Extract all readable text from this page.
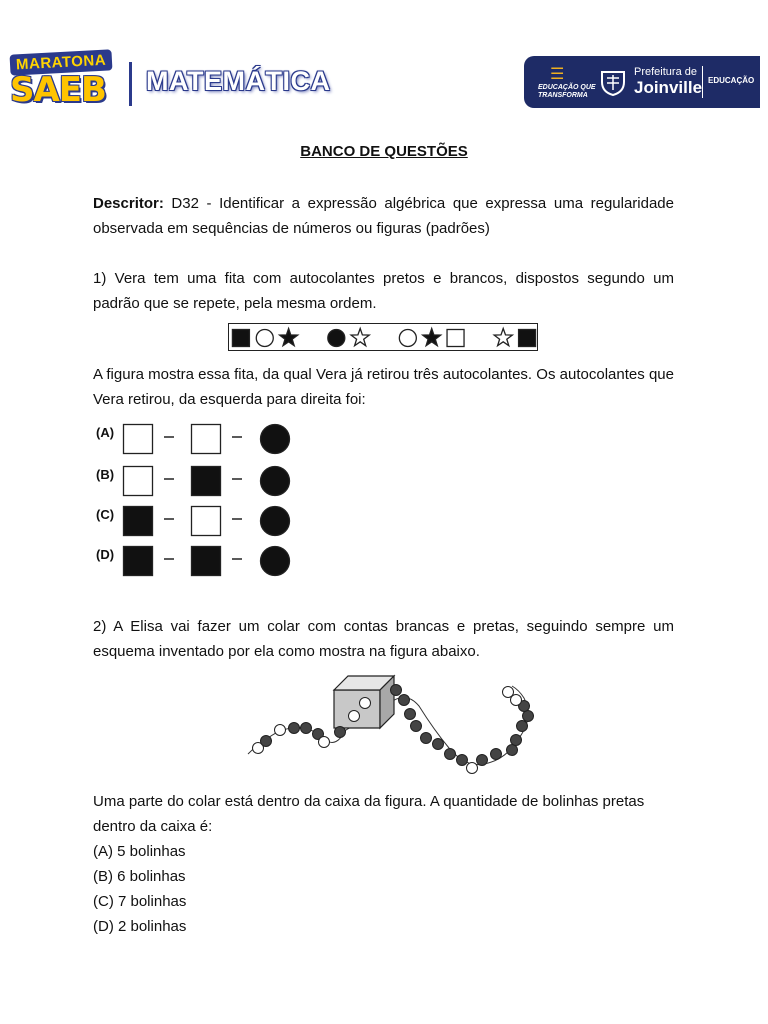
MARATONA
SAEB MATEMÁTICA	☰
EDUCAÇÃO QUE
TRANSFORMA
Prefeitura de
Joinville EDUCAÇÃO
BANCO DE QUESTÕES

Descritor: D32 - Identificar a expressão algébrica que expressa uma regularidade observada em sequências de números ou figuras (padrões)

1) Vera tem uma fita com autocolantes pretos e brancos, dispostos segundo um padrão que se repete, pela mesma ordem.

A figura mostra essa fita, da qual Vera já retirou três autocolantes. Os autocolantes que Vera retirou, da esquerda para direita foi:

(A)
(B)
(C)
(D)

2) A Elisa vai fazer um colar com contas brancas e pretas, seguindo sempre um esquema inventado por ela como mostra na figura abaixo.

Uma parte do colar está dentro da caixa da figura. A quantidade de bolinhas pretas dentro da caixa é:

(A) 5 bolinhas
(B) 6 bolinhas
(C) 7 bolinhas
(D) 2 bolinhas
